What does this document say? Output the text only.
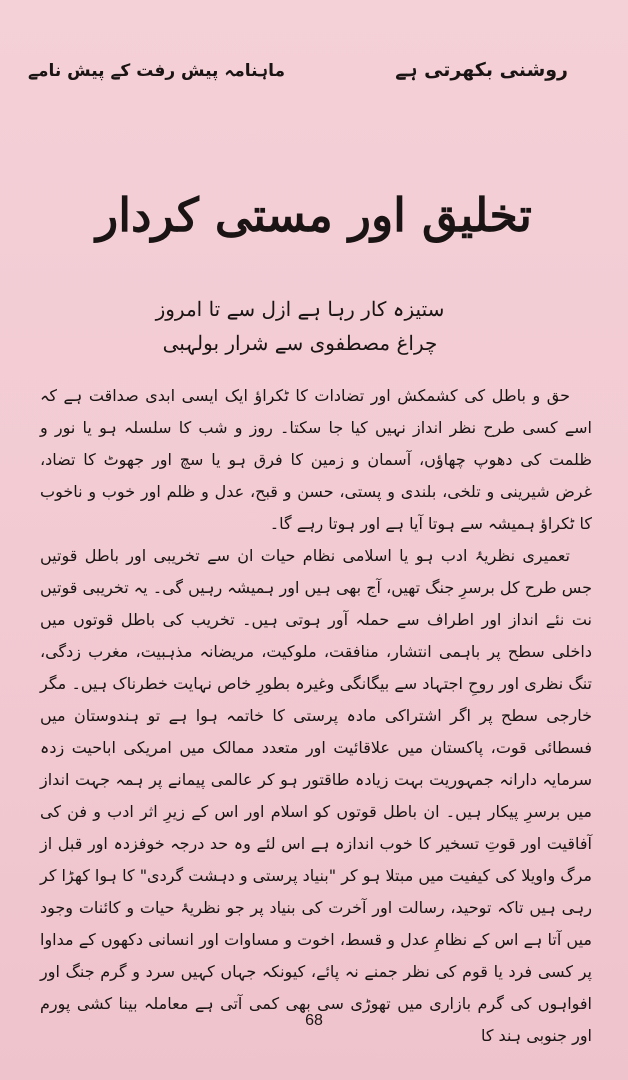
روشنی بکھرتی ہے
ماہنامہ پیش رفت کے پیش نامے
تخلیق اور مستی کردار
ستیزہ کار رہا ہے ازل سے تا امروز
چراغ مصطفوی سے شرار بولہبی

حق و باطل کی کشمکش اور تضادات کا ٹکراؤ ایک ایسی ابدی صداقت ہے کہ اسے کسی طرح نظر انداز نہیں کیا جا سکتا۔ روز و شب کا سلسلہ ہو یا نور و ظلمت کی دھوپ چھاؤں، آسمان و زمین کا فرق ہو یا سچ اور جھوٹ کا تضاد، غرض شیرینی و تلخی، بلندی و پستی، حسن و قبح، عدل و ظلم اور خوب و ناخوب کا ٹکراؤ ہمیشہ سے ہوتا آیا ہے اور ہوتا رہے گا۔

تعمیری نظریۂ ادب ہو یا اسلامی نظام حیات ان سے تخریبی اور باطل قوتیں جس طرح کل برسرِ جنگ تھیں، آج بھی ہیں اور ہمیشہ رہیں گی۔ یہ تخریبی قوتیں نت نئے انداز اور اطراف سے حملہ آور ہوتی ہیں۔ تخریب کی باطل قوتوں میں داخلی سطح پر باہمی انتشار، منافقت، ملوکیت، مریضانہ مذہبیت، مغرب زدگی، تنگ نظری اور روحِ اجتہاد سے بیگانگی وغیرہ بطورِ خاص نہایت خطرناک ہیں۔ مگر خارجی سطح پر اگر اشتراکی مادہ پرستی کا خاتمہ ہوا ہے تو ہندوستان میں فسطائی قوت، پاکستان میں علاقائیت اور متعدد ممالک میں امریکی اباحیت زدہ سرمایہ دارانہ جمہوریت بہت زیادہ طاقتور ہو کر عالمی پیمانے پر ہمہ جہت انداز میں برسرِ پیکار ہیں۔ ان باطل قوتوں کو اسلام اور اس کے زیرِ اثر ادب و فن کی آفاقیت اور قوتِ تسخیر کا خوب اندازہ ہے اس لئے وہ حد درجہ خوفزدہ اور قبل از مرگ واویلا کی کیفیت میں مبتلا ہو کر "بنیاد پرستی و دہشت گردی" کا ہوا کھڑا کر رہی ہیں تاکہ توحید، رسالت اور آخرت کی بنیاد پر جو نظریۂ حیات و کائنات وجود میں آتا ہے اس کے نظامِ عدل و قسط، اخوت و مساوات اور انسانی دکھوں کے مداوا پر کسی فرد یا قوم کی نظر جمنے نہ پائے، کیونکہ جہاں کہیں سرد و گرم جنگ اور افواہوں کی گرم بازاری میں تھوڑی سی بھی کمی آتی ہے معاملہ بینا کشی پورم اور جنوبی ہند کا

68
